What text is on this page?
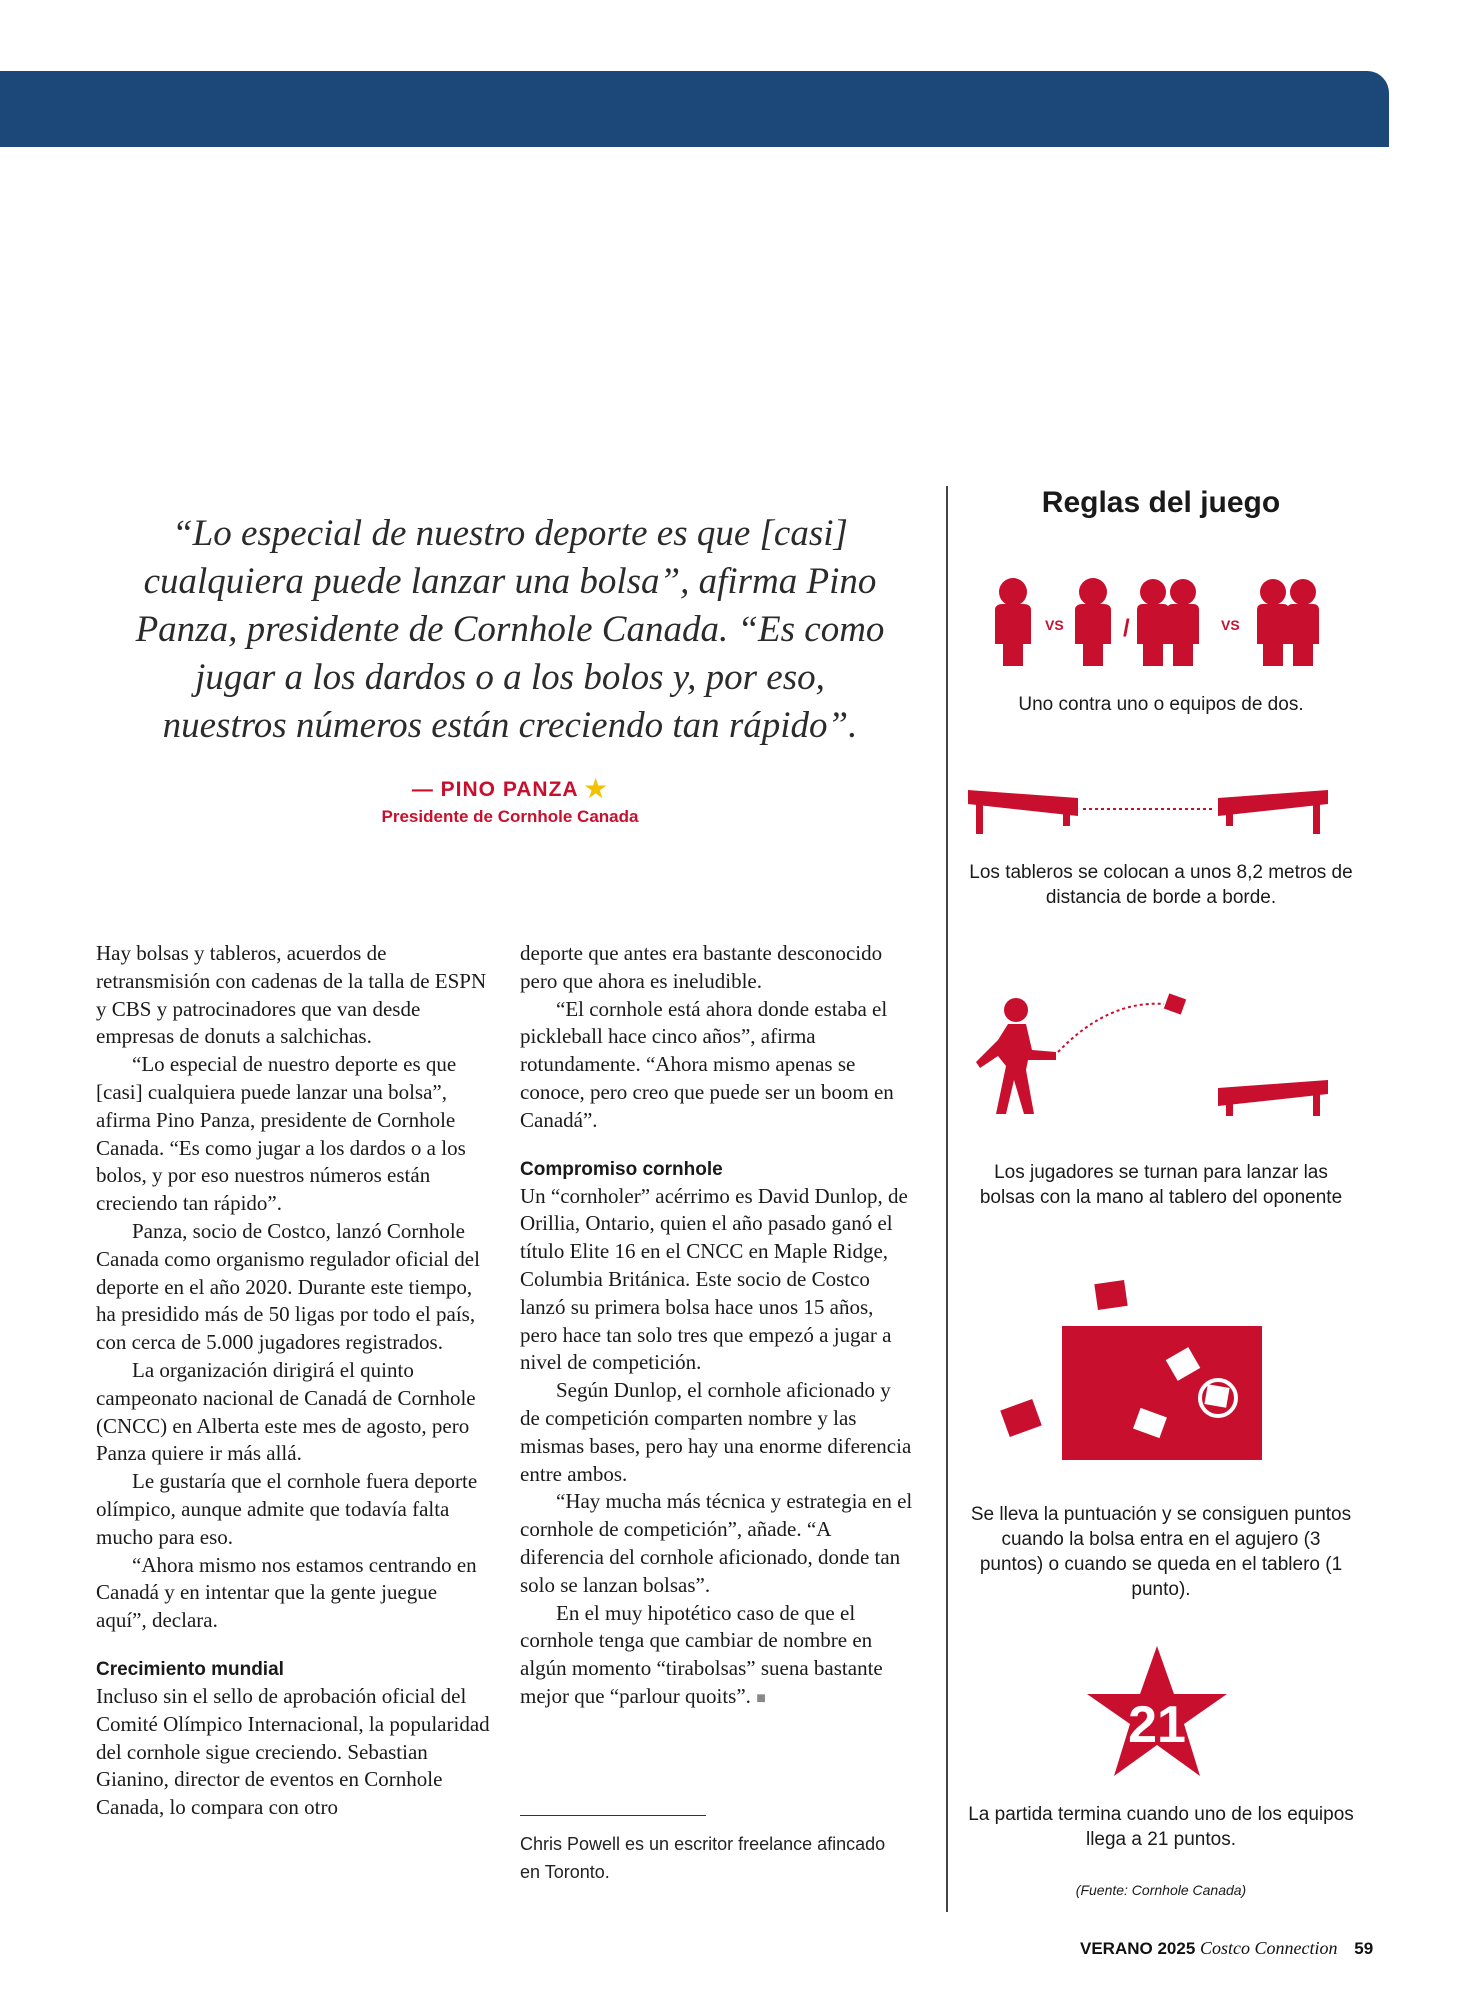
“Lo especial de nuestro deporte es que [casi] cualquiera puede lanzar una bolsa”, afirma Pino Panza, presidente de Cornhole Canada. “Es como jugar a los dardos o a los bolos y, por eso, nuestros números están creciendo tan rápido”.
— PINO PANZA ★
Presidente de Cornhole Canada

Hay bolsas y tableros, acuerdos de retransmisión con cadenas de la talla de ESPN y CBS y patrocinadores que van desde empresas de donuts a salchichas.

“Lo especial de nuestro deporte es que [casi] cualquiera puede lanzar una bolsa”, afirma Pino Panza, presidente de Cornhole Canada. “Es como jugar a los dardos o a los bolos, y por eso nuestros números están creciendo tan rápido”.

Panza, socio de Costco, lanzó Cornhole Canada como organismo regulador oficial del deporte en el año 2020. Durante este tiempo, ha presidido más de 50 ligas por todo el país, con cerca de 5.000 jugadores registrados.

La organización dirigirá el quinto campeonato nacional de Canadá de Cornhole (CNCC) en Alberta este mes de agosto, pero Panza quiere ir más allá.

Le gustaría que el cornhole fuera deporte olímpico, aunque admite que todavía falta mucho para eso.

“Ahora mismo nos estamos centrando en Canadá y en intentar que la gente juegue aquí”, declara.

Crecimiento mundial

Incluso sin el sello de aprobación oficial del Comité Olímpico Internacional, la popularidad del cornhole sigue creciendo. Sebastian Gianino, director de eventos en Cornhole Canada, lo compara con otro

deporte que antes era bastante desconocido pero que ahora es ineludible.

“El cornhole está ahora donde estaba el pickleball hace cinco años”, afirma rotundamente. “Ahora mismo apenas se conoce, pero creo que puede ser un boom en Canadá”.

Compromiso cornhole

Un “cornholer” acérrimo es David Dunlop, de Orillia, Ontario, quien el año pasado ganó el título Elite 16 en el CNCC en Maple Ridge, Columbia Británica. Este socio de Costco lanzó su primera bolsa hace unos 15 años, pero hace tan solo tres que empezó a jugar a nivel de competición.

Según Dunlop, el cornhole aficionado y de competición comparten nombre y las mismas bases, pero hay una enorme diferencia entre ambos.

“Hay mucha más técnica y estrategia en el cornhole de competición”, añade. “A diferencia del cornhole aficionado, donde tan solo se lanzan bolsas”.

En el muy hipotético caso de que el cornhole tenga que cambiar de nombre en algún momento “tirabolsas” suena bastante mejor que “parlour quoits”. ■

Chris Powell es un escritor freelance afincado en Toronto.
Reglas del juego
VS /	VS
Uno contra uno o equipos de dos.
Los tableros se colocan a unos 8,2 metros de distancia de borde a borde.
Los jugadores se turnan para lanzar las bolsas con la mano al tablero del oponente
Se lleva la puntuación y se consiguen puntos cuando la bolsa entra en el agujero (3 puntos) o cuando se queda en el tablero (1 punto).
21
La partida termina cuando uno de los equipos llega a 21 puntos.
(Fuente: Cornhole Canada)
VERANO 2025 Costco Connection 59
